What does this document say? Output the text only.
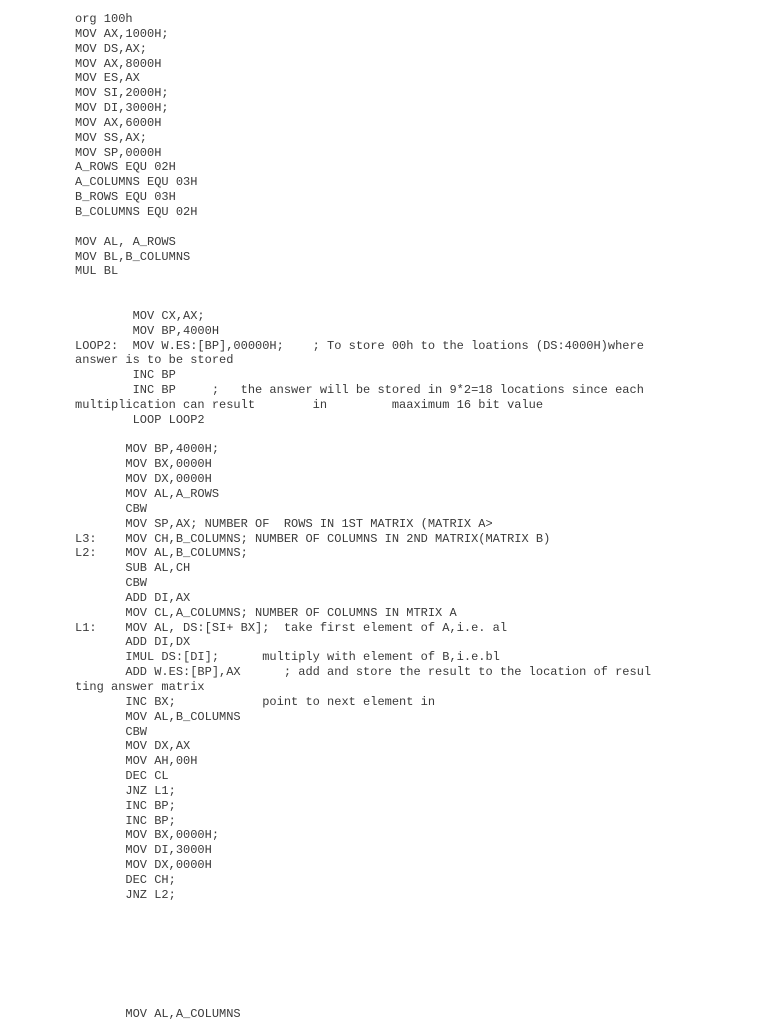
org 100h
MOV AX,1000H;
MOV DS,AX;
MOV AX,8000H
MOV ES,AX
MOV SI,2000H;
MOV DI,3000H;
MOV AX,6000H
MOV SS,AX;
MOV SP,0000H
A_ROWS EQU 02H
A_COLUMNS EQU 03H
B_ROWS EQU 03H
B_COLUMNS EQU 02H
MOV AL, A_ROWS
MOV BL,B_COLUMNS
MUL BL
MOV CX,AX;
MOV BP,4000H
LOOP2:  MOV W.ES:[BP],00000H;    ; To store 00h to the loations (DS:4000H)where
answer is to be stored
INC BP
INC BP     ;   the answer will be stored in 9*2=18 locations since each
multiplication can result        in         maaximum 16 bit value
LOOP LOOP2
MOV BP,4000H;
MOV BX,0000H
MOV DX,0000H
MOV AL,A_ROWS
CBW
MOV SP,AX; NUMBER OF  ROWS IN 1ST MATRIX (MATRIX A>
L3:    MOV CH,B_COLUMNS; NUMBER OF COLUMNS IN 2ND MATRIX(MATRIX B)
L2:    MOV AL,B_COLUMNS;
SUB AL,CH
CBW
ADD DI,AX
MOV CL,A_COLUMNS; NUMBER OF COLUMNS IN MTRIX A
L1:    MOV AL, DS:[SI+ BX];  take first element of A,i.e. al
ADD DI,DX
IMUL DS:[DI];      multiply with element of B,i.e.bl
ADD W.ES:[BP],AX      ; add and store the result to the location of resul
ting answer matrix
INC BX;            point to next element in
MOV AL,B_COLUMNS
CBW
MOV DX,AX
MOV AH,00H
DEC CL
JNZ L1;
INC BP;
INC BP;
MOV BX,0000H;
MOV DI,3000H
MOV DX,0000H
DEC CH;
JNZ L2;
MOV AL,A_COLUMNS
